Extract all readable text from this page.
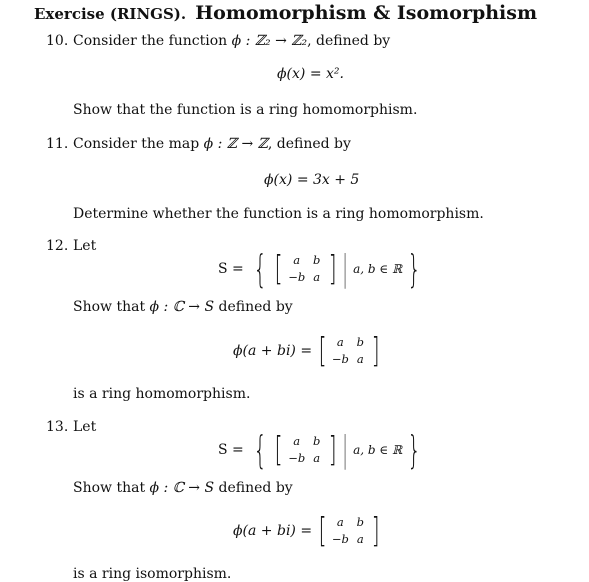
Exercise (RINGS). Homomorphism & Isomorphism
10. Consider the function ϕ : ℤ₂ → ℤ₂, defined by
ϕ(x) = x².
Show that the function is a ring homomorphism.
11. Consider the map ϕ : ℤ → ℤ, defined by
ϕ(x) = 3x + 5
Determine whether the function is a ring homomorphism.
12. Let
S = { [ a	b
−b a ] | a, b ∈ ℝ }
Show that ϕ : ℂ → S defined by
ϕ(a + bi) = [ a	b
−b a ]
is a ring homomorphism.
13. Let
S = { [ a	b
−b a ] | a, b ∈ ℝ }
Show that ϕ : ℂ → S defined by
ϕ(a + bi) = [ a	b
−b a ]
is a ring isomorphism.
